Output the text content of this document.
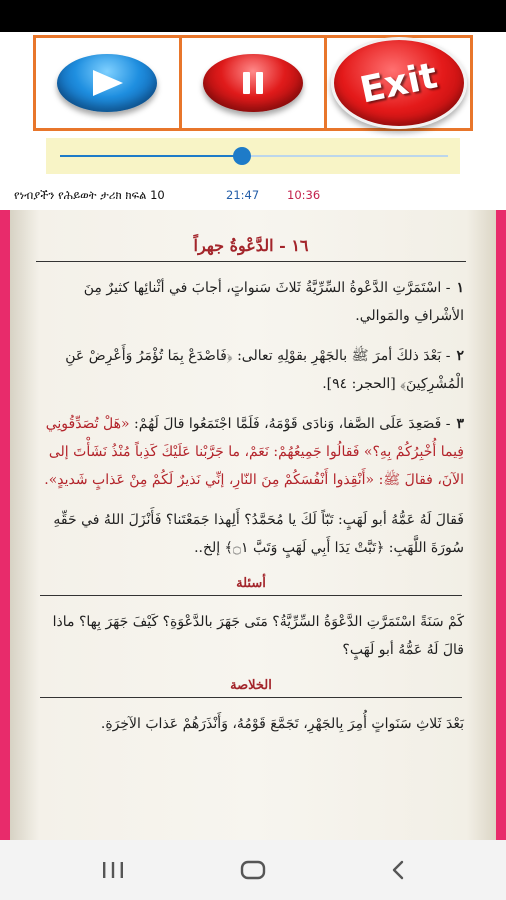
Exit
የነብያችን የሕይወት ታሪክ ክፍል 10	21:47 10:36
١٦ - الدَّعْوةُ جهراً
١- اسْتَمَرَّتِ الدَّعْوةُ السِّرِّيَّةُ ثَلاثَ سَنواتٍ، أجابَ في أثْنائِها كثيرٌ مِنَ الأشْرافِ والمَوالي.
٢- بَعْدَ ذلكَ أمرَ ﷺ بالجَهْرِ بقوْلِهِ تعالى: ﴿فَاصْدَعْ بِمَا تُؤْمَرُ وَأَعْرِضْ عَنِ الْمُشْرِكِينَ﴾ [الحجر: ٩٤].
٣- فَصَعِدَ عَلَى الصَّفا، وَنادَى قَوْمَهُ، فَلَمَّا اجْتَمَعُوا قالَ لَهُمْ: «هَلْ تُصَدِّقُونِي فِيما أُخْبِرُكُمْ بِهِ؟» فَقالُوا جَمِيعُهُمْ: نَعَمْ، ما جَرَّبْنا عَلَيْكَ كَذِباً مُنْذُ نَشَأْتَ إلى الآنَ، فقالَ ﷺ: «أَنْقِذوا أَنْفُسَكُمْ مِنَ النّارِ، إنِّي نَذيرٌ لَكُمْ مِنْ عَذابٍ شَديدٍ».
فَقالَ لَهُ عَمُّهُ أبو لَهَبٍ: تَبّاً لَكَ يا مُحَمَّدُ؟ أَلِهذا جَمَعْتَنا؟ فَأَنْزَلَ اللهُ في حَقِّهِ سُورَةَ اللَّهَبِ: ﴿تَبَّتْ يَدَا أَبِي لَهَبٍ وَتَبَّ ۝١﴾ إلخ..
أسئلة
كَمْ سَنَةً اسْتَمَرَّتِ الدَّعْوَةُ السِّرِّيَّةُ؟ مَتَى جَهَرَ بالدَّعْوَةِ؟ كَيْفَ جَهَرَ بِها؟ ماذا قالَ لَهُ عَمُّهُ أبو لَهَبٍ؟
الخلاصة
بَعْدَ ثَلاثِ سَنَواتٍ أُمِرَ بِالجَهْرِ، تَجَمَّعَ قَوْمُهُ، وَأَنْذَرَهُمْ عَذابَ الآخِرَةِ.
